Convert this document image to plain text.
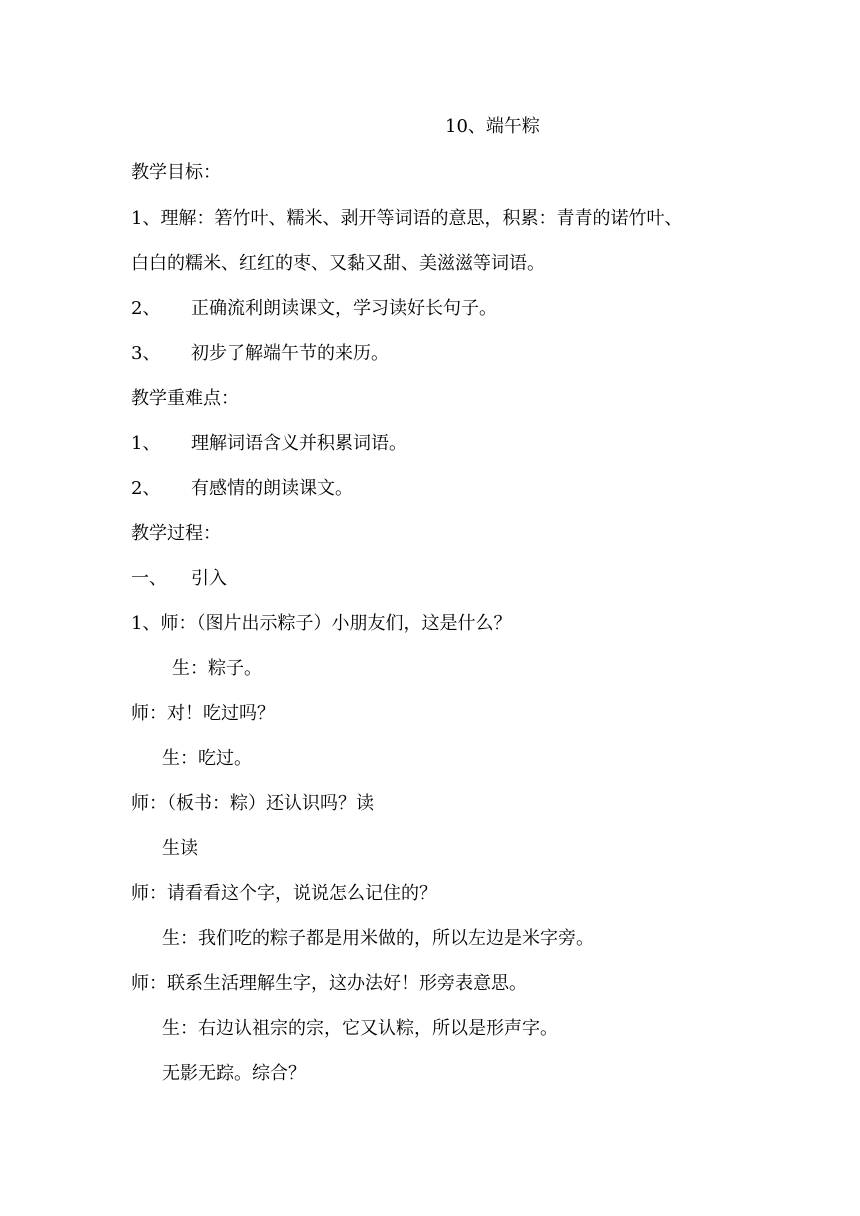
10、端午粽
教学目标：
1、理解：箬竹叶、糯米、剥开等词语的意思，积累：青青的诺竹叶、
白白的糯米、红红的枣、又黏又甜、美滋滋等词语。
2、 正确流利朗读课文，学习读好长句子。
3、 初步了解端午节的来历。
教学重难点：
1、 理解词语含义并积累词语。
2、 有感情的朗读课文。
教学过程：
一、 引入
1、师：（图片出示粽子）小朋友们，这是什么？
生：粽子。
师：对！吃过吗？
生：吃过。
师：（板书：粽）还认识吗？读
生读
师：请看看这个字，说说怎么记住的？
生：我们吃的粽子都是用米做的，所以左边是米字旁。
师：联系生活理解生字，这办法好！形旁表意思。
生：右边认祖宗的宗，它又认粽，所以是形声字。
无影无踪。综合？
